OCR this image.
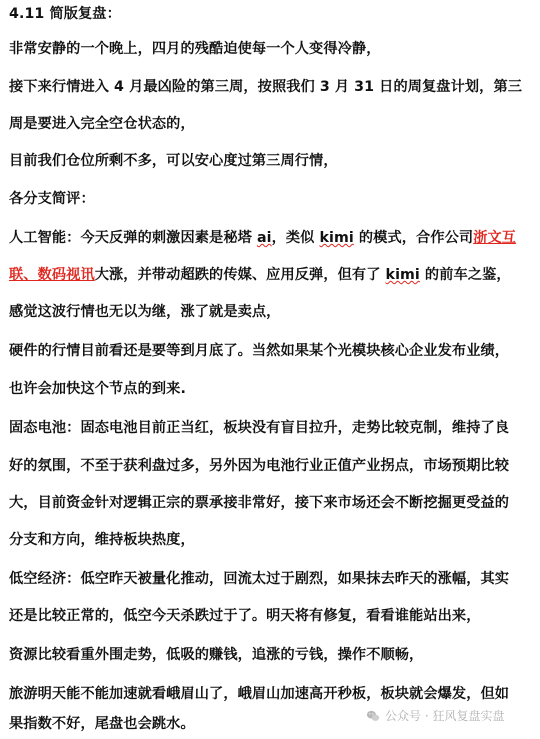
4.11 简版复盘：
非常安静的一个晚上，四月的残酷迫使每一个人变得冷静，
接下来行情进入 4 月最凶险的第三周，按照我们 3 月 31 日的周复盘计划，第三
周是要进入完全空仓状态的，
目前我们仓位所剩不多，可以安心度过第三周行情，
各分支简评：
人工智能：今天反弹的刺激因素是秘塔 ai，类似 kimi 的模式，合作公司浙文互
联、数码视讯大涨，并带动超跌的传媒、应用反弹，但有了 kimi 的前车之鉴，
感觉这波行情也无以为继，涨了就是卖点，
硬件的行情目前看还是要等到月底了。当然如果某个光模块核心企业发布业绩，
也许会加快这个节点的到来.
固态电池：固态电池目前正当红，板块没有盲目拉升，走势比较克制，维持了良
好的氛围，不至于获利盘过多，另外因为电池行业正值产业拐点，市场预期比较
大，目前资金针对逻辑正宗的票承接非常好，接下来市场还会不断挖掘更受益的
分支和方向，维持板块热度，
低空经济：低空昨天被量化推动，回流太过于剧烈，如果抹去昨天的涨幅，其实
还是比较正常的，低空今天杀跌过于了。明天将有修复，看看谁能站出来，
资源比较看重外围走势，低吸的赚钱，追涨的亏钱，操作不顺畅，
旅游明天能不能加速就看峨眉山了，峨眉山加速高开秒板，板块就会爆发，但如
果指数不好，尾盘也会跳水。	公众号 · 狂风复盘实盘
